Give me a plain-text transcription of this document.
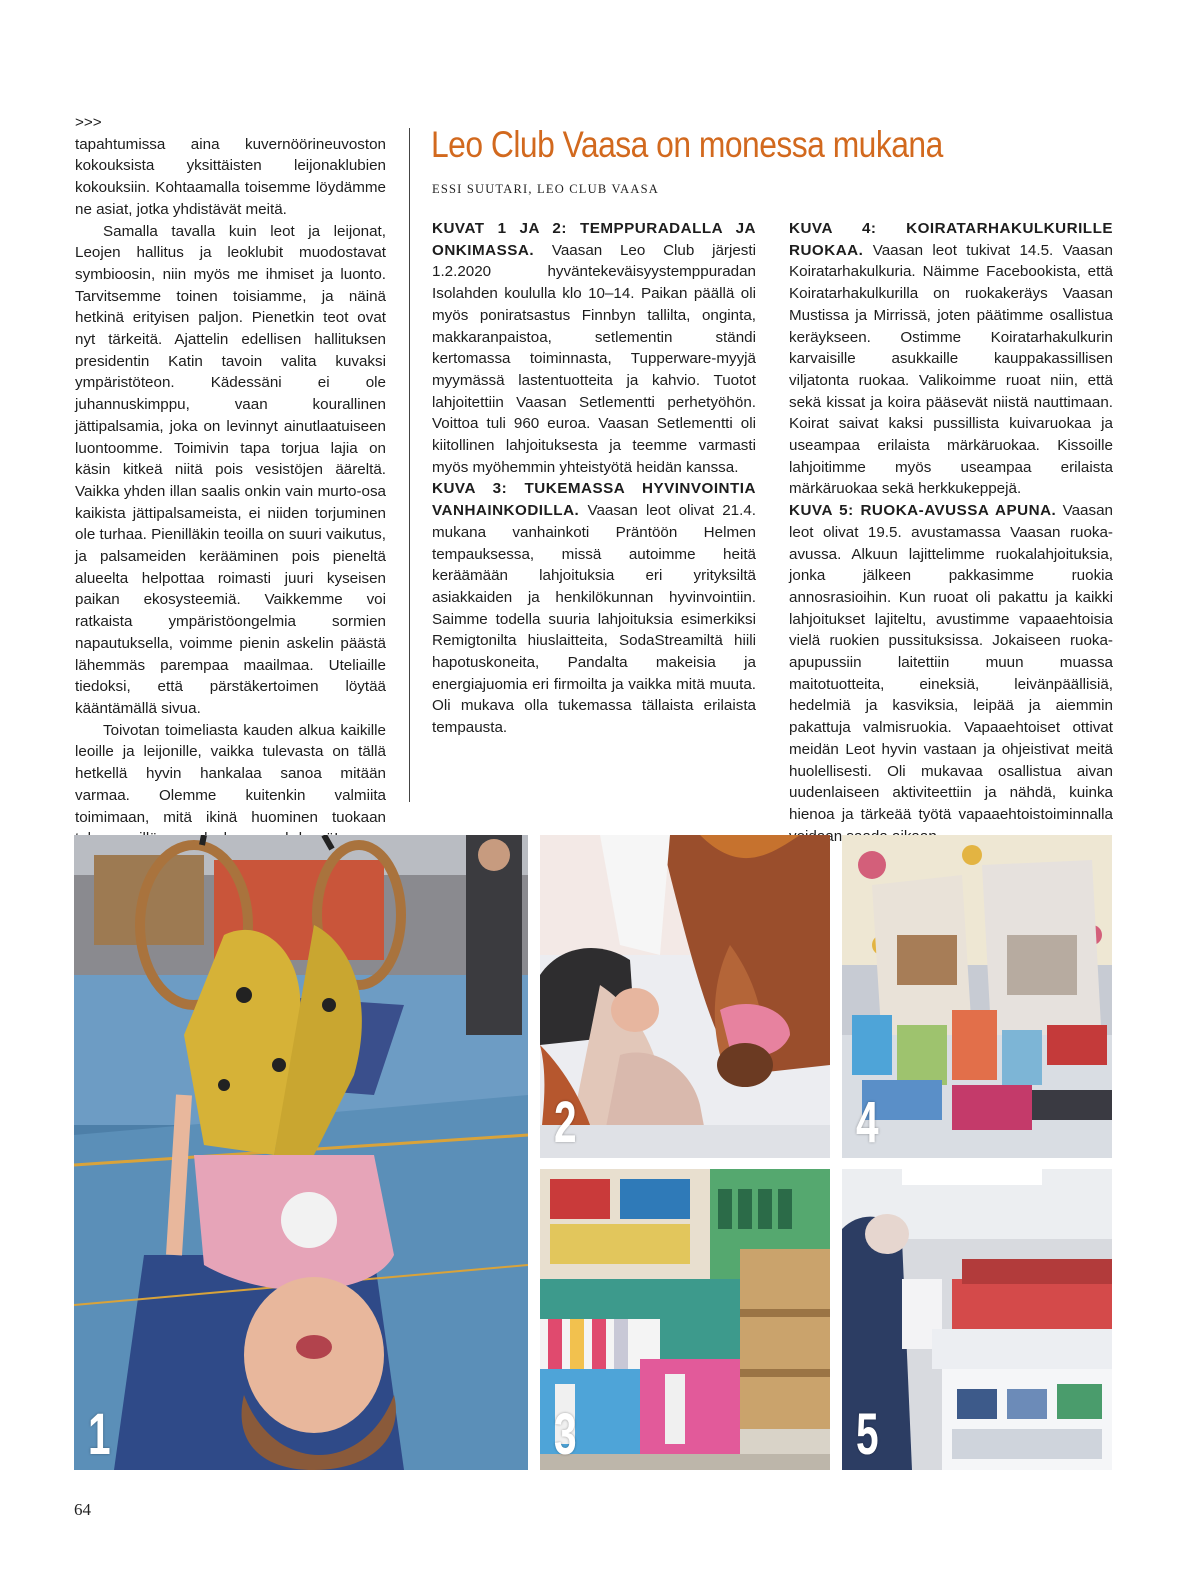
>>>

tapahtumissa aina kuvernöörineuvoston kokouksista yksittäisten leijonaklubien kokouksiin. Kohtaamalla toisemme löydämme ne asiat, jotka yhdistävät meitä.

Samalla tavalla kuin leot ja leijonat, Leojen hallitus ja leoklubit muodostavat symbioosin, niin myös me ihmiset ja luonto. Tarvitsemme toinen toisiamme, ja näinä hetkinä erityisen paljon. Pienetkin teot ovat nyt tärkeitä. Ajattelin edellisen hallituksen presidentin Katin tavoin valita kuvaksi ympäristöteon. Kädessäni ei ole juhannuskimppu, vaan kourallinen jättipalsamia, joka on levinnyt ainutlaatuiseen luontoomme. Toimivin tapa torjua lajia on käsin kitkeä niitä pois vesistöjen ääreltä. Vaikka yhden illan saalis onkin vain murto-osa kaikista jättipalsameista, ei niiden torjuminen ole turhaa. Pienilläkin teoilla on suuri vaikutus, ja palsameiden kerääminen pois pieneltä alueelta helpottaa roimasti juuri kyseisen paikan ekosysteemiä. Vaikkemme voi ratkaista ympäristöongelmia sormien napautuksella, voimme pienin askelin päästä lähemmäs parempaa maailmaa. Uteliaille tiedoksi, että pärstäkertoimen löytää kääntämällä sivua.

Toivotan toimeliasta kauden alkua kaikille leoille ja leijonille, vaikka tulevasta on tällä hetkellä hyvin hankalaa sanoa mitään varmaa. Olemme kuitenkin valmiita toimimaan, mitä ikinä huominen tuokaan

Leo Club Vaasa on monessa mukana
ESSI SUUTARI, LEO CLUB VAASA

KUVAT 1 JA 2: TEMPPURADALLA JA ONKIMASSA. Vaasan Leo Club järjesti 1.2.2020 hyväntekeväisyystemppuradan Isolahden koululla klo 10–14. Paikan päällä oli myös poniratsastus Finnbyn tallilta, onginta, makkaranpaistoa, setlementin ständi kertomassa toiminnasta, Tupperware-myyjä myymässä lastentuotteita ja kahvio. Tuotot lahjoitettiin Vaasan Setlementti perhetyöhön. Voittoa tuli 960 euroa. Vaasan Setlementti oli kiitollinen lahjoituksesta ja teemme varmasti myös myöhemmin yhteistyötä heidän kanssa.

KUVA 3: TUKEMASSA HYVINVOINTIA VANHAINKODILLA. Vaasan leot olivat 21.4. mukana vanhainkoti Präntöön Helmen tempauksessa, missä autoimme heitä keräämään lahjoituksia eri yrityksiltä asiakkaiden ja henkilökunnan hyvinvointiin. Saimme todella suuria lahjoituksia esimerkiksi Remigtonilta hiuslaitteita, SodaStreamiltä hiili hapotuskoneita, Pandalta makeisia ja energiajuomia eri firmoilta ja vaikka mitä muuta. Oli mukava olla tukemassa tällaista erilaista tempausta.

KUVA 4: KOIRATARHAKULKURILLE RUOKAA. Vaasan leot tukivat 14.5. Vaasan Koiratarhakulkuria. Näimme Facebookista, että Koiratarhakulkurilla on ruokakeräys Vaasan Mustissa ja Mirrissä, joten päätimme osallistua keräykseen. Ostimme Koiratarhakulkurin karvaisille asukkaille kauppakassillisen viljatonta ruokaa. Valikoimme ruoat niin, että sekä kissat ja koira pääsevät niistä nauttimaan. Koirat saivat kaksi pussillista kuivaruokaa ja useampaa erilaista märkäruokaa. Kissoille lahjoitimme myös useampaa erilaista märkäruokaa sekä herkkukeppejä.

KUVA 5: RUOKA-AVUSSA APUNA. Vaasan leot olivat 19.5. avustamassa Vaasan ruoka-avussa. Alkuun lajittelimme ruokalahjoituksia, jonka jälkeen pakkasimme ruokia annosrasioihin. Kun ruoat oli pakattu ja kaikki lahjoitukset lajiteltu, avustimme vapaaehtoisia vielä ruokien pussituksissa. Jokaiseen ruoka-apupussiin laitettiin muun muassa maitotuotteita, eineksiä, leivänpäällisiä, hedelmiä ja kasviksia, leipää ja aiemmin pakattuja valmisruokia. Vapaaehtoiset ottivat meidän Leot hyvin vastaan ja ohjeistivat meitä huolellisesti. Oli mukavaa osallistua aivan uudenlaiseen aktiviteettiin ja nähdä, kuinka hienoa ja tärkeää työtä vapaaehtoistoiminnalla

1
2
3
4
5
64
